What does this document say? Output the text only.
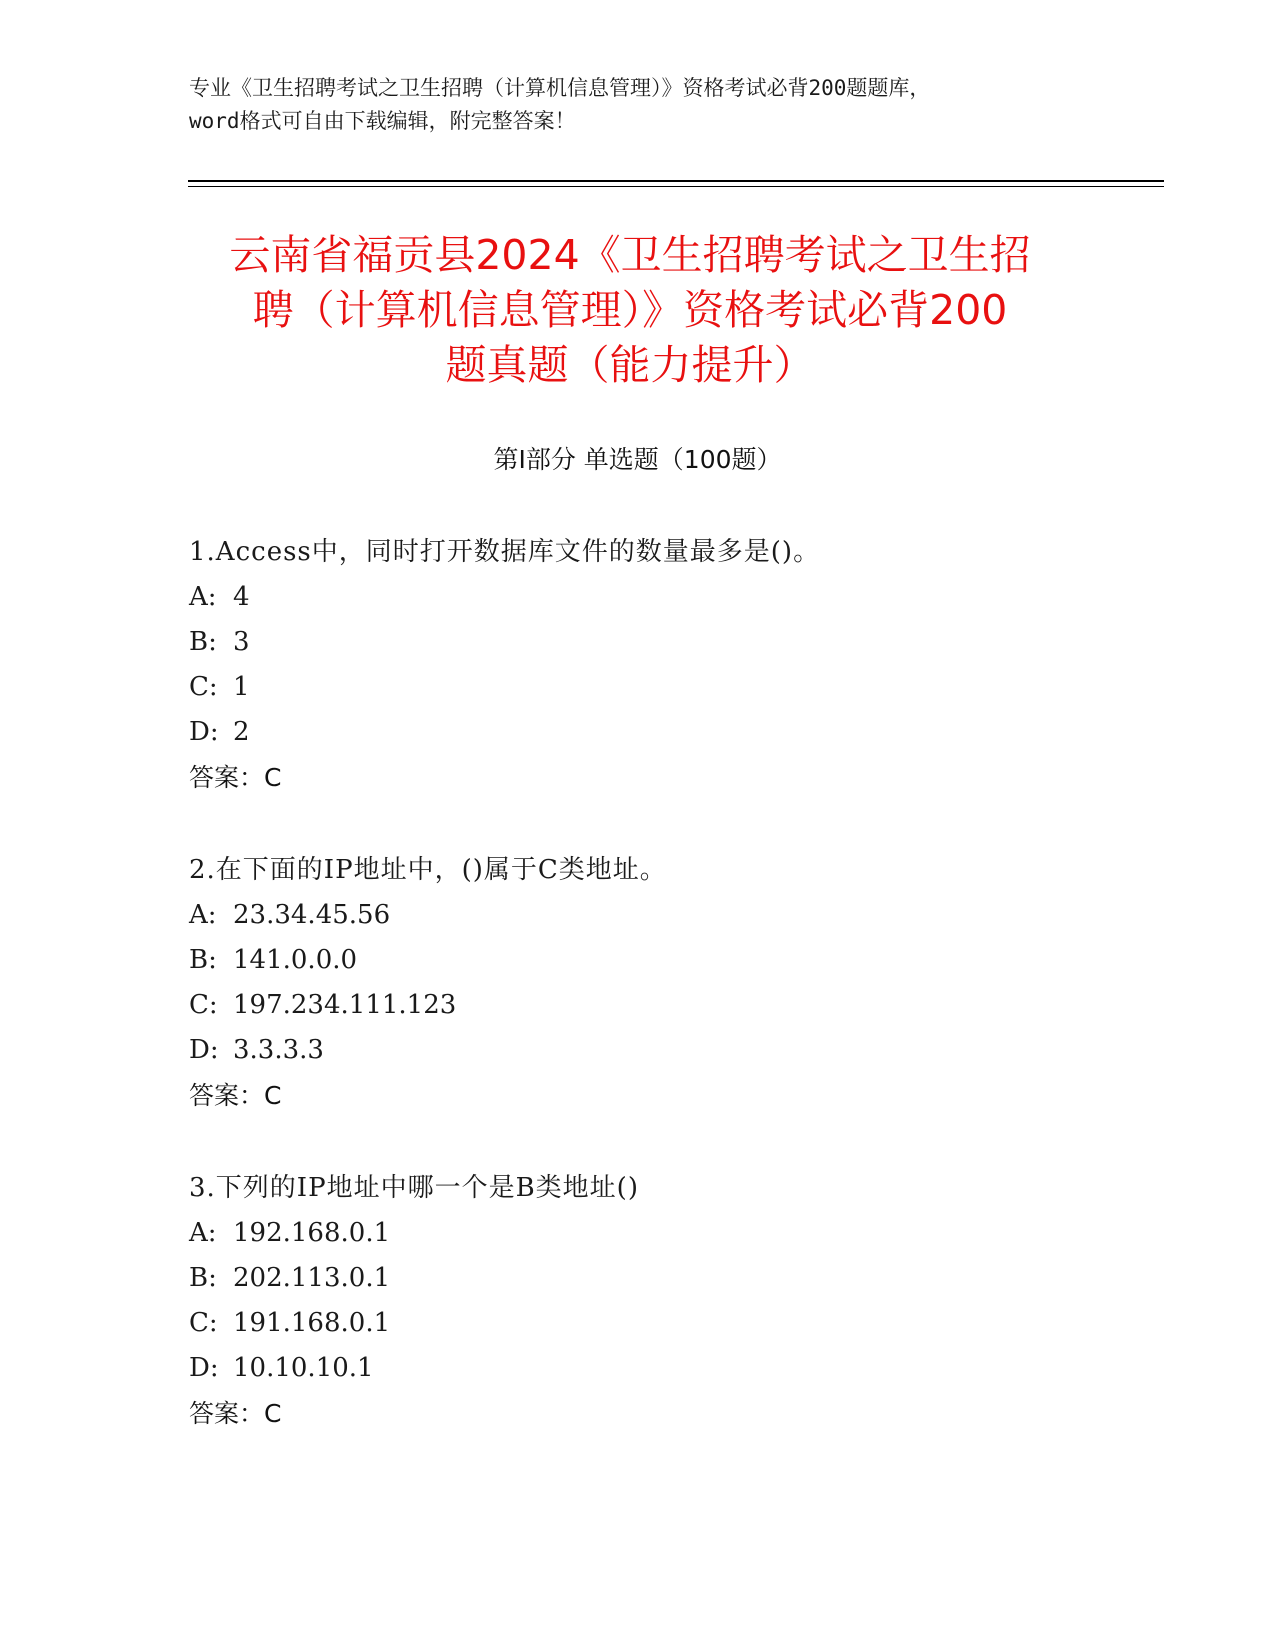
专业《卫生招聘考试之卫生招聘（计算机信息管理）》资格考试必背200题题库，
word格式可自由下载编辑，附完整答案！
云南省福贡县2024《卫生招聘考试之卫生招
聘（计算机信息管理）》资格考试必背200
题真题（能力提升）
第Ⅰ部分 单选题（100题）
1.Access中，同时打开数据库文件的数量最多是()。
A: 4
B: 3
C: 1
D: 2
答案：C
2.在下面的IP地址中，()属于C类地址。
A: 23.34.45.56
B: 141.0.0.0
C: 197.234.111.123
D: 3.3.3.3
答案：C
3.下列的IP地址中哪一个是B类地址()
A: 192.168.0.1
B: 202.113.0.1
C: 191.168.0.1
D: 10.10.10.1
答案：C
